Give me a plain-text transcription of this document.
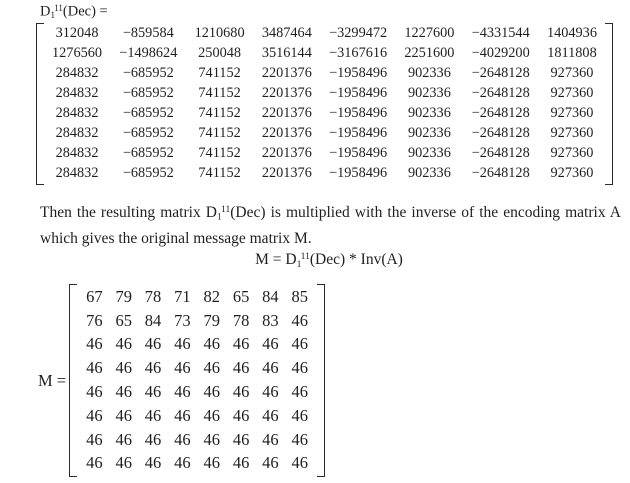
$D_1^{11}(Dec)$ =
312048 −859584 1210680 3487464 −3299472 1227600 −4331544 1404936
1276560 −1498624 250048 3516144 −3167616 2251600 −4029200 1811808
284832 −685952 741152 2201376 −1958496 902336 −2648128 927360
284832 −685952 741152 2201376 −1958496 902336 −2648128 927360
284832 −685952 741152 2201376 −1958496 902336 −2648128 927360
284832 −685952 741152 2201376 −1958496 902336 −2648128 927360
284832 −685952 741152 2201376 −1958496 902336 −2648128 927360
284832 −685952 741152 2201376 −1958496 902336 −2648128 927360
Then the resulting matrix $D_1^{11}(Dec)$ is multiplied with the inverse of the encoding matrix A
which gives the original message matrix M.
$M = D_1^{11}(Dec) * Inv(A)$
M =
67 79 78 71 82 65 84 85
76 65 84 73 79 78 83 46
46 46 46 46 46 46 46 46
46 46 46 46 46 46 46 46
46 46 46 46 46 46 46 46
46 46 46 46 46 46 46 46
46 46 46 46 46 46 46 46
46 46 46 46 46 46 46 46
